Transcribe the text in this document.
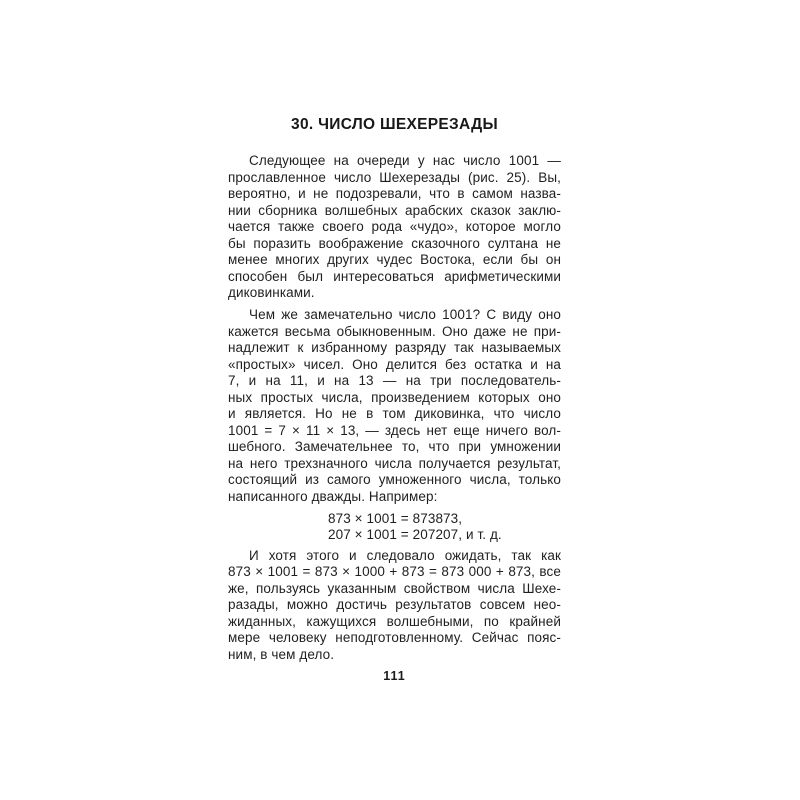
30. ЧИСЛО ШЕХЕРЕЗАДЫ
Следующее на очереди у нас число 1001 —
прославленное число Шехерезады (рис. 25). Вы,
вероятно, и не подозревали, что в самом назва-
нии сборника волшебных арабских сказок заклю-
чается также своего рода «чудо», которое могло
бы поразить воображение сказочного султана не
менее многих других чудес Востока, если бы он
способен был интересоваться арифметическими
диковинками.
Чем же замечательно число 1001? С виду оно
кажется весьма обыкновенным. Оно даже не при-
надлежит к избранному разряду так называемых
«простых» чисел. Оно делится без остатка и на
7, и на 11, и на 13 — на три последователь-
ных простых числа, произведением которых оно
и является. Но не в том диковинка, что число
1001 = 7 × 11 × 13, — здесь нет еще ничего вол-
шебного. Замечательнее то, что при умножении
на него трехзначного числа получается результат,
состоящий из самого умноженного числа, только
написанного дважды. Например:
873 × 1001 = 873873,
207 × 1001 = 207207, и т. д.
И хотя этого и следовало ожидать, так как
873 × 1001 = 873 × 1000 + 873 = 873 000 + 873, все
же, пользуясь указанным свойством числа Шехе-
разады, можно достичь результатов совсем нео-
жиданных, кажущихся волшебными, по крайней
мере человеку неподготовленному. Сейчас пояс-
ним, в чем дело.
111
